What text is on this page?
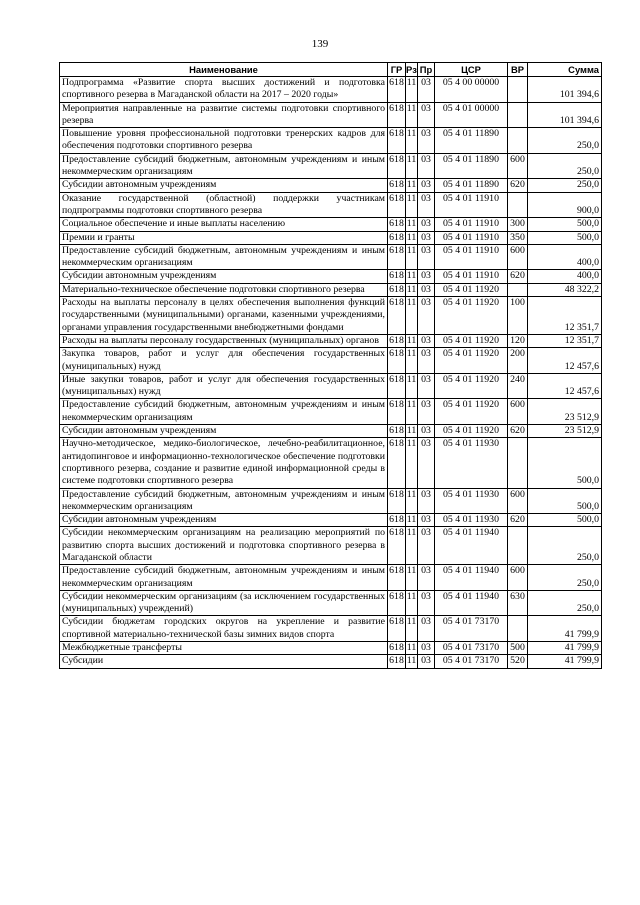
139
Наименование	ГР	Рз	Пр	ЦСР	ВР	Сумма
Подпрограмма «Развитие спорта высших достижений и подготовка спортивного резерва в Магаданской области на 2017 – 2020 годы»	618	11	03	05 4 00 00000		101 394,6
Мероприятия направленные на развитие системы подготовки спортивного резерва	618	11	03	05 4 01 00000		101 394,6
Повышение уровня профессиональной подготовки тренерских кадров для обеспечения подготовки спортивного резерва	618	11	03	05 4 01 11890		250,0
Предоставление субсидий бюджетным, автономным учреждениям и иным некоммерческим организациям	618	11	03	05 4 01 11890	600	250,0
Субсидии автономным учреждениям	618	11	03	05 4 01 11890	620	250,0
Оказание государственной (областной) поддержки участникам подпрограммы подготовки спортивного резерва	618	11	03	05 4 01 11910		900,0
Социальное обеспечение и иные выплаты населению	618	11	03	05 4 01 11910	300	500,0
Премии и гранты	618	11	03	05 4 01 11910	350	500,0
Предоставление субсидий бюджетным, автономным учреждениям и иным некоммерческим организациям	618	11	03	05 4 01 11910	600	400,0
Субсидии автономным учреждениям	618	11	03	05 4 01 11910	620	400,0
Материально-техническое обеспечение подготовки спортивного резерва	618	11	03	05 4 01 11920		48 322,2
Расходы на выплаты персоналу в целях обеспечения выполнения функций государственными (муниципальными) органами, казенными учреждениями, органами управления государственными внебюджетными фондами	618	11	03	05 4 01 11920	100	12 351,7
Расходы на выплаты персоналу государственных (муниципальных) органов	618	11	03	05 4 01 11920	120	12 351,7
Закупка товаров, работ и услуг для обеспечения государственных (муниципальных) нужд	618	11	03	05 4 01 11920	200	12 457,6
Иные закупки товаров, работ и услуг для обеспечения государственных (муниципальных) нужд	618	11	03	05 4 01 11920	240	12 457,6
Предоставление субсидий бюджетным, автономным учреждениям и иным некоммерческим организациям	618	11	03	05 4 01 11920	600	23 512,9
Субсидии автономным учреждениям	618	11	03	05 4 01 11920	620	23 512,9
Научно-методическое, медико-биологическое, лечебно-реабилитационное, антидопинговое и информационно-технологическое обеспечение подготовки спортивного резерва, создание и развитие единой информационной среды в системе подготовки спортивного резерва	618	11	03	05 4 01 11930		500,0
Предоставление субсидий бюджетным, автономным учреждениям и иным некоммерческим организациям	618	11	03	05 4 01 11930	600	500,0
Субсидии автономным учреждениям	618	11	03	05 4 01 11930	620	500,0
Субсидии некоммерческим организациям на реализацию мероприятий по развитию спорта высших достижений и подготовка спортивного резерва в Магаданской области	618	11	03	05 4 01 11940		250,0
Предоставление субсидий бюджетным, автономным учреждениям и иным некоммерческим организациям	618	11	03	05 4 01 11940	600	250,0
Субсидии некоммерческим организациям (за исключением государственных (муниципальных) учреждений)	618	11	03	05 4 01 11940	630	250,0
Субсидии бюджетам городских округов на укрепление и развитие спортивной материально-технической базы зимних видов спорта	618	11	03	05 4 01 73170		41 799,9
Межбюджетные трансферты	618	11	03	05 4 01 73170	500	41 799,9
Субсидии	618	11	03	05 4 01 73170	520	41 799,9
